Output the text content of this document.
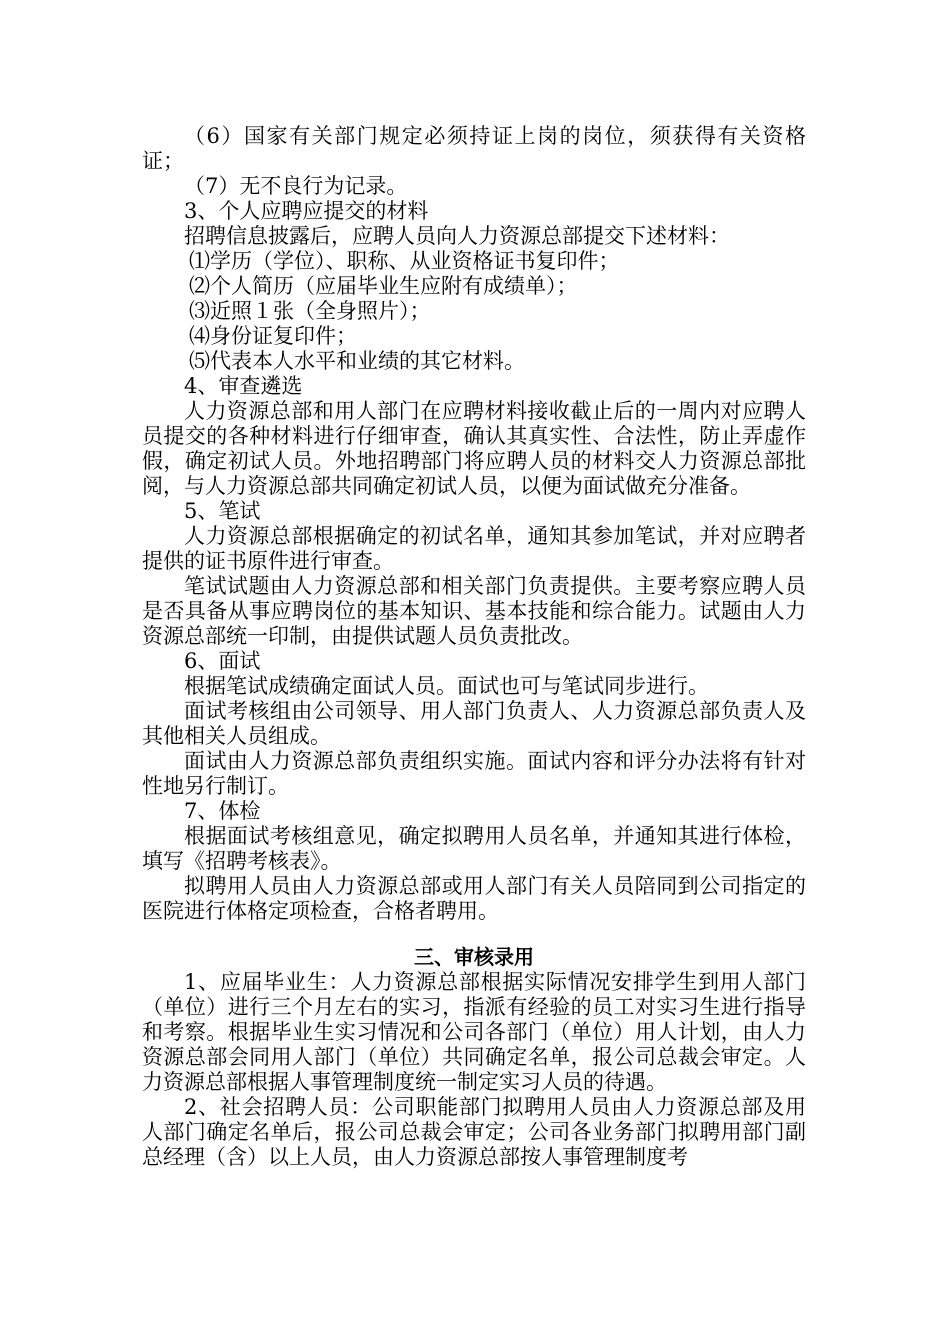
（6）国家有关部门规定必须持证上岗的岗位，须获得有关资格证；

（7）无不良行为记录。

3、个人应聘应提交的材料

招聘信息披露后，应聘人员向人力资源总部提交下述材料：

⑴学历（学位）、职称、从业资格证书复印件；

⑵个人简历（应届毕业生应附有成绩单）；

⑶近照１张（全身照片）；

⑷身份证复印件；

⑸代表本人水平和业绩的其它材料。

4、审查遴选

人力资源总部和用人部门在应聘材料接收截止后的一周内对应聘人员提交的各种材料进行仔细审查，确认其真实性、合法性，防止弄虚作假，确定初试人员。外地招聘部门将应聘人员的材料交人力资源总部批阅，与人力资源总部共同确定初试人员，以便为面试做充分准备。

5、笔试

人力资源总部根据确定的初试名单，通知其参加笔试，并对应聘者提供的证书原件进行审查。

笔试试题由人力资源总部和相关部门负责提供。主要考察应聘人员是否具备从事应聘岗位的基本知识、基本技能和综合能力。试题由人力资源总部统一印制，由提供试题人员负责批改。

6、面试

根据笔试成绩确定面试人员。面试也可与笔试同步进行。

面试考核组由公司领导、用人部门负责人、人力资源总部负责人及其他相关人员组成。

面试由人力资源总部负责组织实施。面试内容和评分办法将有针对性地另行制订。

7、体检

根据面试考核组意见，确定拟聘用人员名单，并通知其进行体检，填写《招聘考核表》。

拟聘用人员由人力资源总部或用人部门有关人员陪同到公司指定的医院进行体格定项检查，合格者聘用。

三、审核录用

1、应届毕业生：人力资源总部根据实际情况安排学生到用人部门（单位）进行三个月左右的实习，指派有经验的员工对实习生进行指导和考察。根据毕业生实习情况和公司各部门（单位）用人计划，由人力资源总部会同用人部门（单位）共同确定名单，报公司总裁会审定。人力资源总部根据人事管理制度统一制定实习人员的待遇。

2、社会招聘人员：公司职能部门拟聘用人员由人力资源总部及用人部门确定名单后，报公司总裁会审定；公司各业务部门拟聘用部门副总经理（含）以上人员，由人力资源总部按人事管理制度考
